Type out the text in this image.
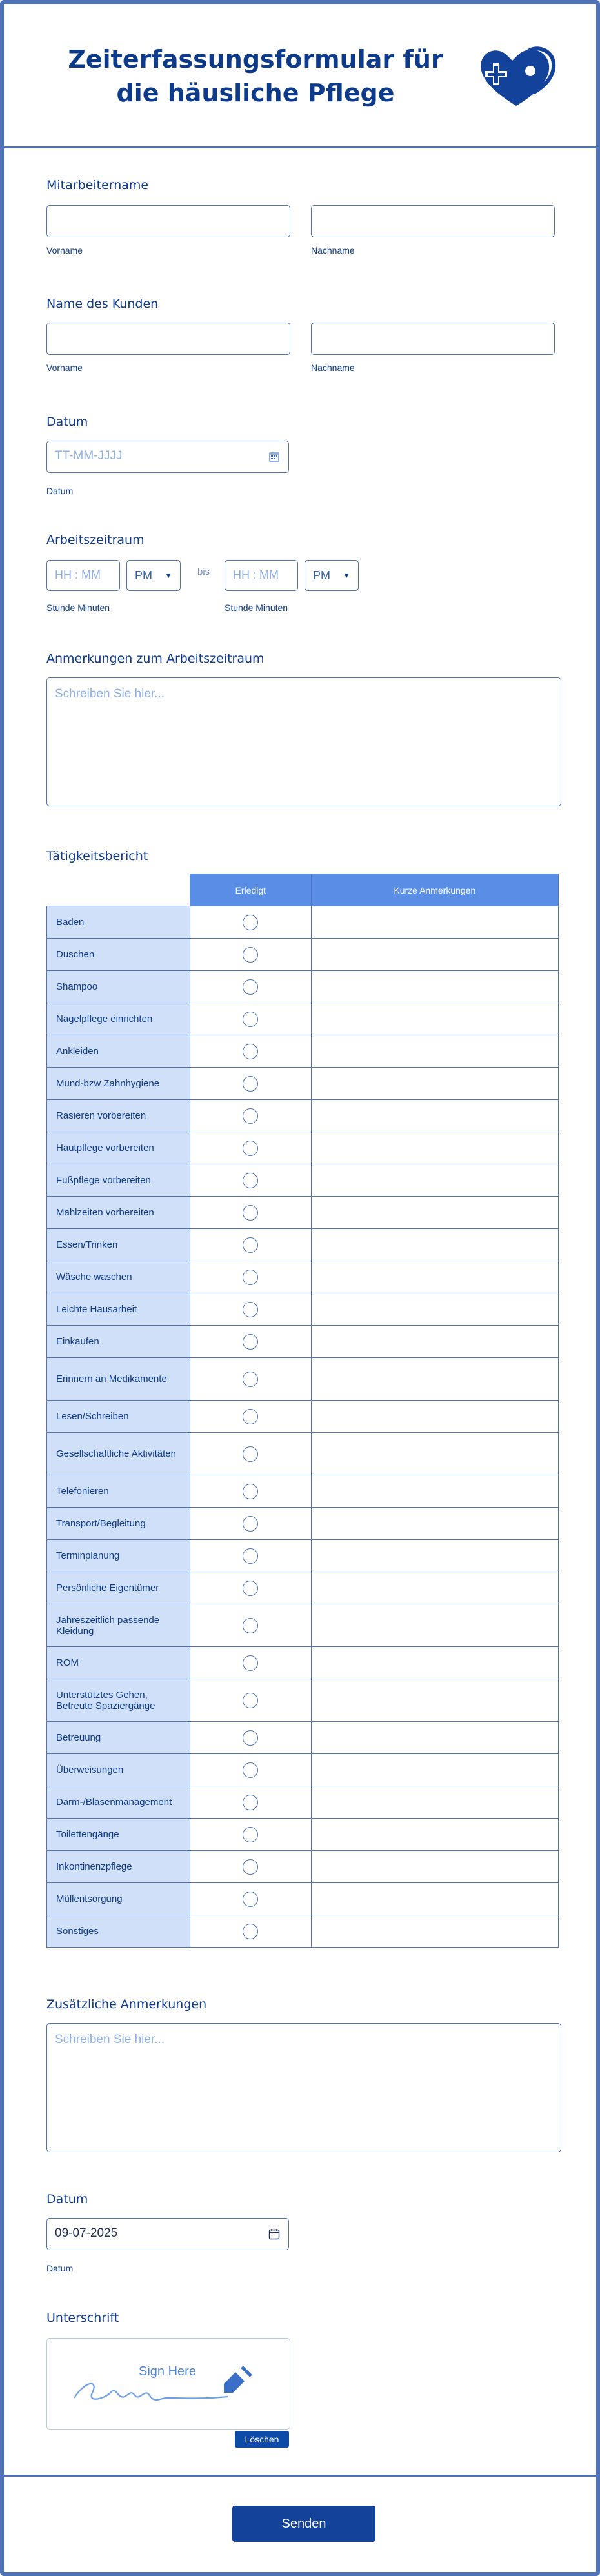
Zeiterfassungsformular für die häusliche Pflege
Mitarbeitername
Vorname	Nachname
Name des Kunden
Vorname	Nachname
Datum
TT-MM-JJJJ
Datum
Arbeitszeitraum
HH : MM	PM ▼	bis	HH : MM	PM ▼
Stunde Minuten	Stunde Minuten
Anmerkungen zum Arbeitszeitraum
Schreiben Sie hier...
Tätigkeitsbericht
	Erledigt	Kurze Anmerkungen
Baden		
Duschen		
Shampoo		
Nagelpflege einrichten		
Ankleiden		
Mund-bzw Zahnhygiene		
Rasieren vorbereiten		
Hautpflege vorbereiten		
Fußpflege vorbereiten		
Mahlzeiten vorbereiten		
Essen/Trinken		
Wäsche waschen		
Leichte Hausarbeit		
Einkaufen		
Erinnern an Medikamente		
Lesen/Schreiben		
Gesellschaftliche Aktivitäten		
Telefonieren		
Transport/Begleitung		
Terminplanung		
Persönliche Eigentümer		
Jahreszeitlich passende Kleidung		
ROM		
Unterstütztes Gehen, Betreute Spaziergänge		
Betreuung		
Überweisungen		
Darm-/Blasenmanagement		
Toilettengänge		
Inkontinenzpflege		
Müllentsorgung		
Sonstiges		
Zusätzliche Anmerkungen
Schreiben Sie hier...
Datum
09-07-2025
Datum
Unterschrift
Sign Here
Löschen
Senden
